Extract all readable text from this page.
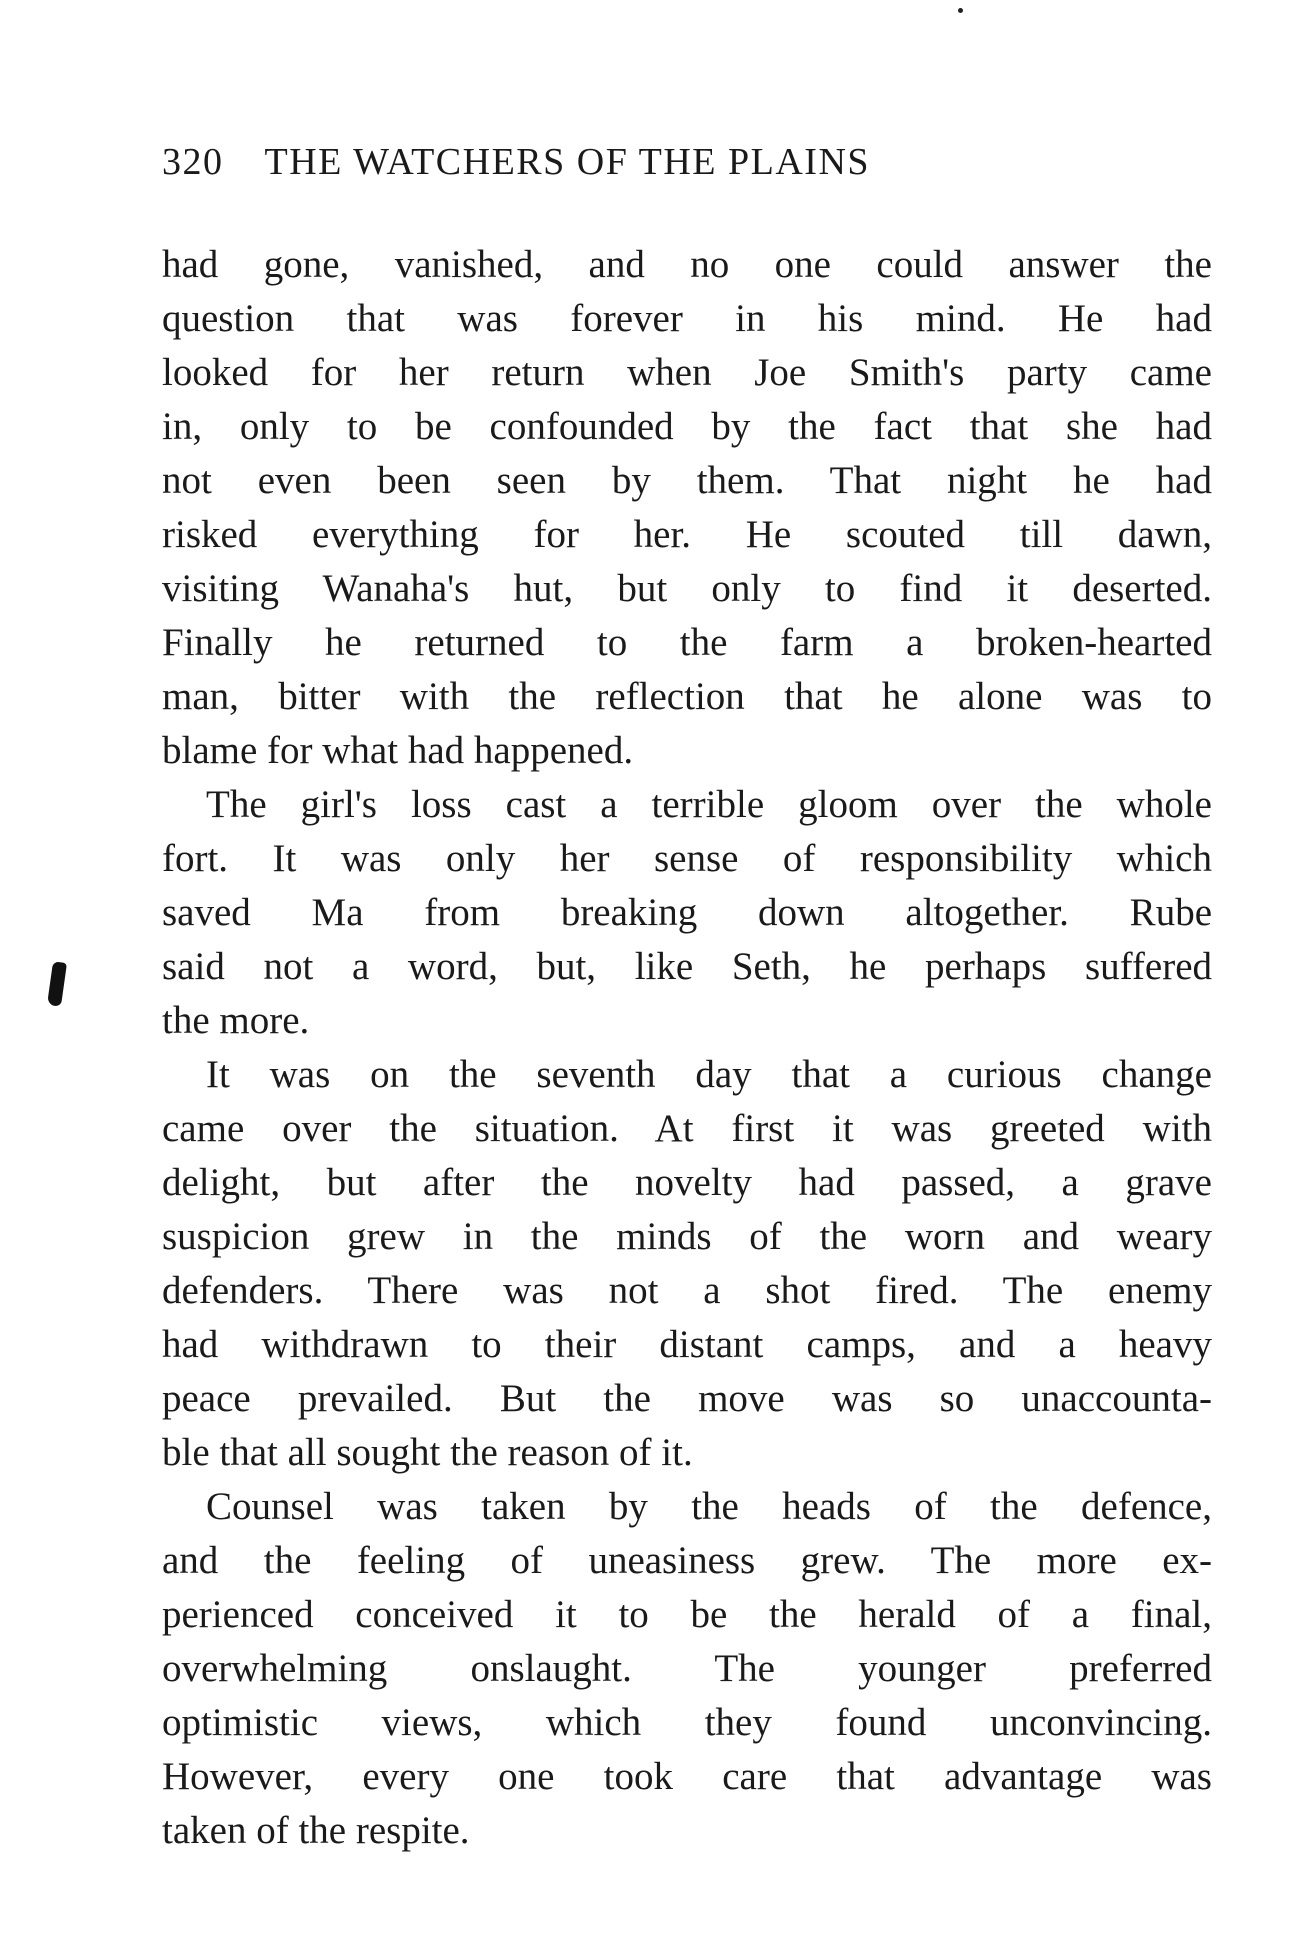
320 THE WATCHERS OF THE PLAINS
had gone, vanished, and no one could answer the
question that was forever in his mind. He had
looked for her return when Joe Smith's party came
in, only to be confounded by the fact that she had
not even been seen by them. That night he had
risked everything for her. He scouted till dawn,
visiting Wanaha's hut, but only to find it deserted.
Finally he returned to the farm a broken-hearted
man, bitter with the reflection that he alone was to
blame for what had happened.
The girl's loss cast a terrible gloom over the whole
fort. It was only her sense of responsibility which
saved Ma from breaking down altogether. Rube
said not a word, but, like Seth, he perhaps suffered
the more.
It was on the seventh day that a curious change
came over the situation. At first it was greeted with
delight, but after the novelty had passed, a grave
suspicion grew in the minds of the worn and weary
defenders. There was not a shot fired. The enemy
had withdrawn to their distant camps, and a heavy
peace prevailed. But the move was so unaccounta-
ble that all sought the reason of it.
Counsel was taken by the heads of the defence,
and the feeling of uneasiness grew. The more ex-
perienced conceived it to be the herald of a final,
overwhelming onslaught. The younger preferred
optimistic views, which they found unconvincing.
However, every one took care that advantage was
taken of the respite.
